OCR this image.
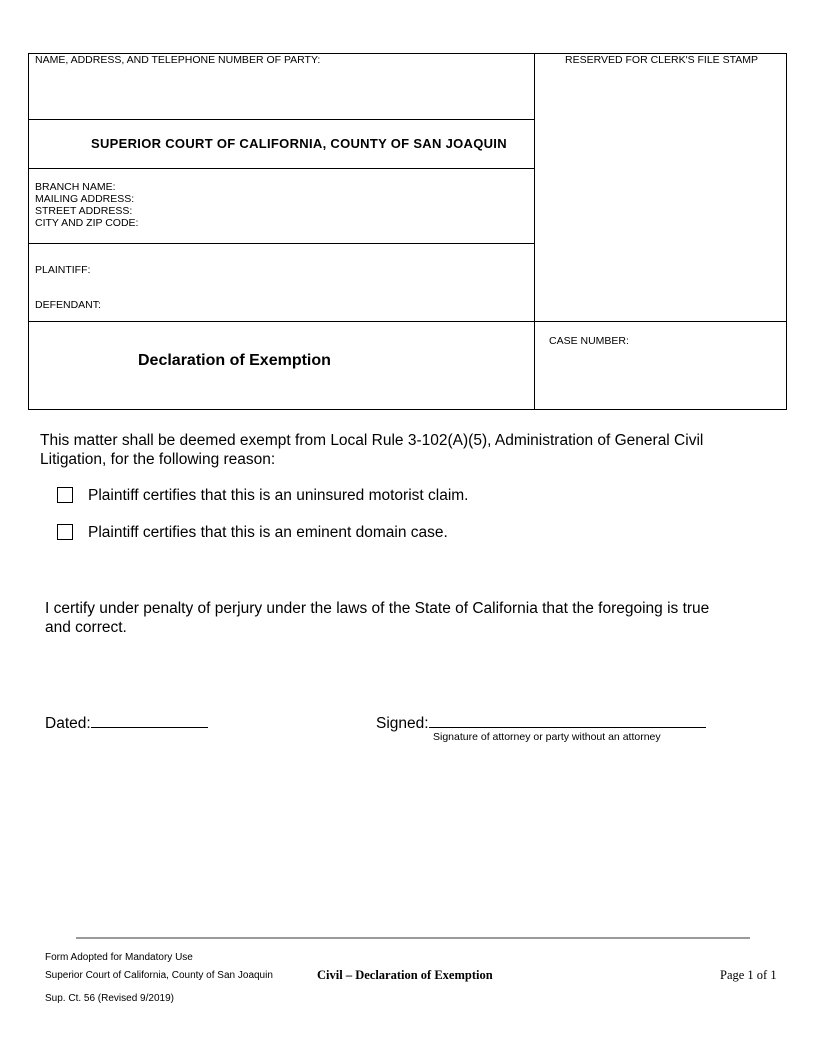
NAME, ADDRESS, AND TELEPHONE NUMBER OF PARTY:	RESERVED FOR CLERK'S FILE STAMP
SUPERIOR COURT OF CALIFORNIA, COUNTY OF SAN JOAQUIN
BRANCH NAME:
MAILING ADDRESS:
STREET ADDRESS:
CITY AND ZIP CODE:
PLAINTIFF:
DEFENDANT:
Declaration of Exemption
CASE NUMBER:
This matter shall be deemed exempt from Local Rule 3-102(A)(5), Administration of General Civil
Litigation, for the following reason:
Plaintiff certifies that this is an uninsured motorist claim.
Plaintiff certifies that this is an eminent domain case.
I certify under penalty of perjury under the laws of the State of California that the foregoing is true
and correct.
Dated:	Signed:
Signature of attorney or party without an attorney
Form Adopted for Mandatory Use
Superior Court of California, County of San Joaquin
Sup. Ct. 56 (Revised 9/2019)
Civil – Declaration of Exemption	Page 1 of 1
